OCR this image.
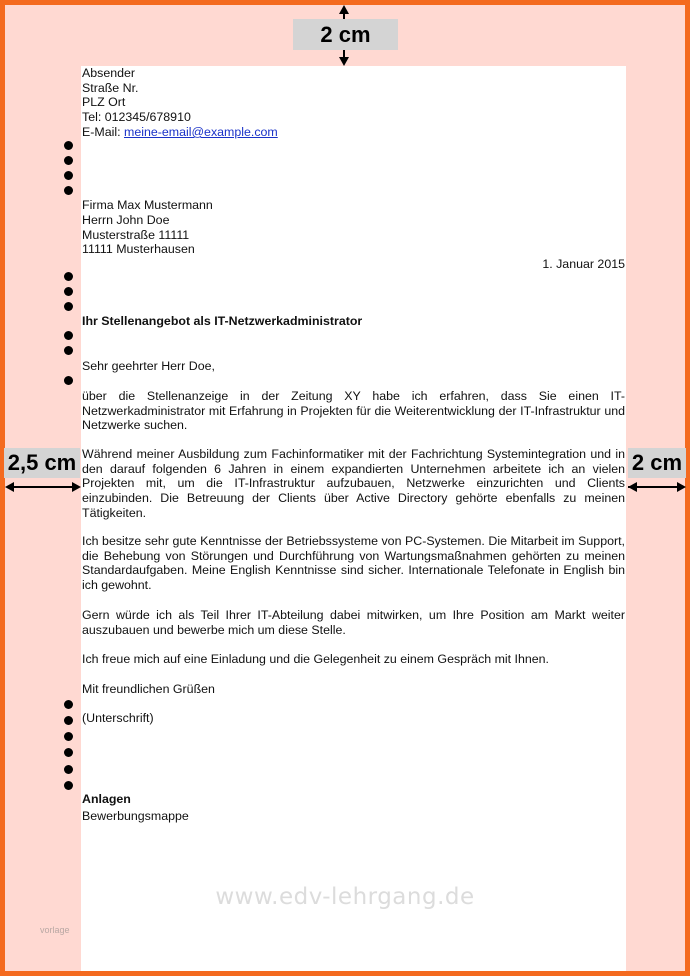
2 cm
2,5 cm	2 cm
Absender
Straße Nr.
PLZ Ort
Tel: 012345/678910
E-Mail: meine-email@example.com
Firma Max Mustermann
Herrn John Doe
Musterstraße 11111
11111 Musterhausen
1. Januar 2015
Ihr Stellenangebot als IT-Netzwerkadministrator
Sehr geehrter Herr Doe,
über die Stellenanzeige in der Zeitung XY habe ich erfahren, dass Sie einen IT-Netzwerkadministrator mit Erfahrung in Projekten für die Weiterentwicklung der IT-Infrastruktur und Netzwerke suchen.
Während meiner Ausbildung zum Fachinformatiker mit der Fachrichtung Systemintegration und in den darauf folgenden 6 Jahren in einem expandierten Unternehmen arbeitete ich an vielen Projekten mit, um die IT-Infrastruktur aufzubauen, Netzwerke einzurichten und Clients einzubinden. Die Betreuung der Clients über Active Directory gehörte ebenfalls zu meinen Tätigkeiten.
Ich besitze sehr gute Kenntnisse der Betriebssysteme von PC-Systemen. Die Mitarbeit im Support, die Behebung von Störungen und Durchführung von Wartungsmaßnahmen gehörten zu meinen Standardaufgaben. Meine English Kenntnisse sind sicher. Internationale Telefonate in English bin ich gewohnt.
Gern würde ich als Teil Ihrer IT-Abteilung dabei mitwirken, um Ihre Position am Markt weiter auszubauen und bewerbe mich um diese Stelle.
Ich freue mich auf eine Einladung und die Gelegenheit zu einem Gespräch mit Ihnen.
Mit freundlichen Grüßen
(Unterschrift)
Anlagen
Bewerbungsmappe
www.edv-lehrgang.de
vorlage
